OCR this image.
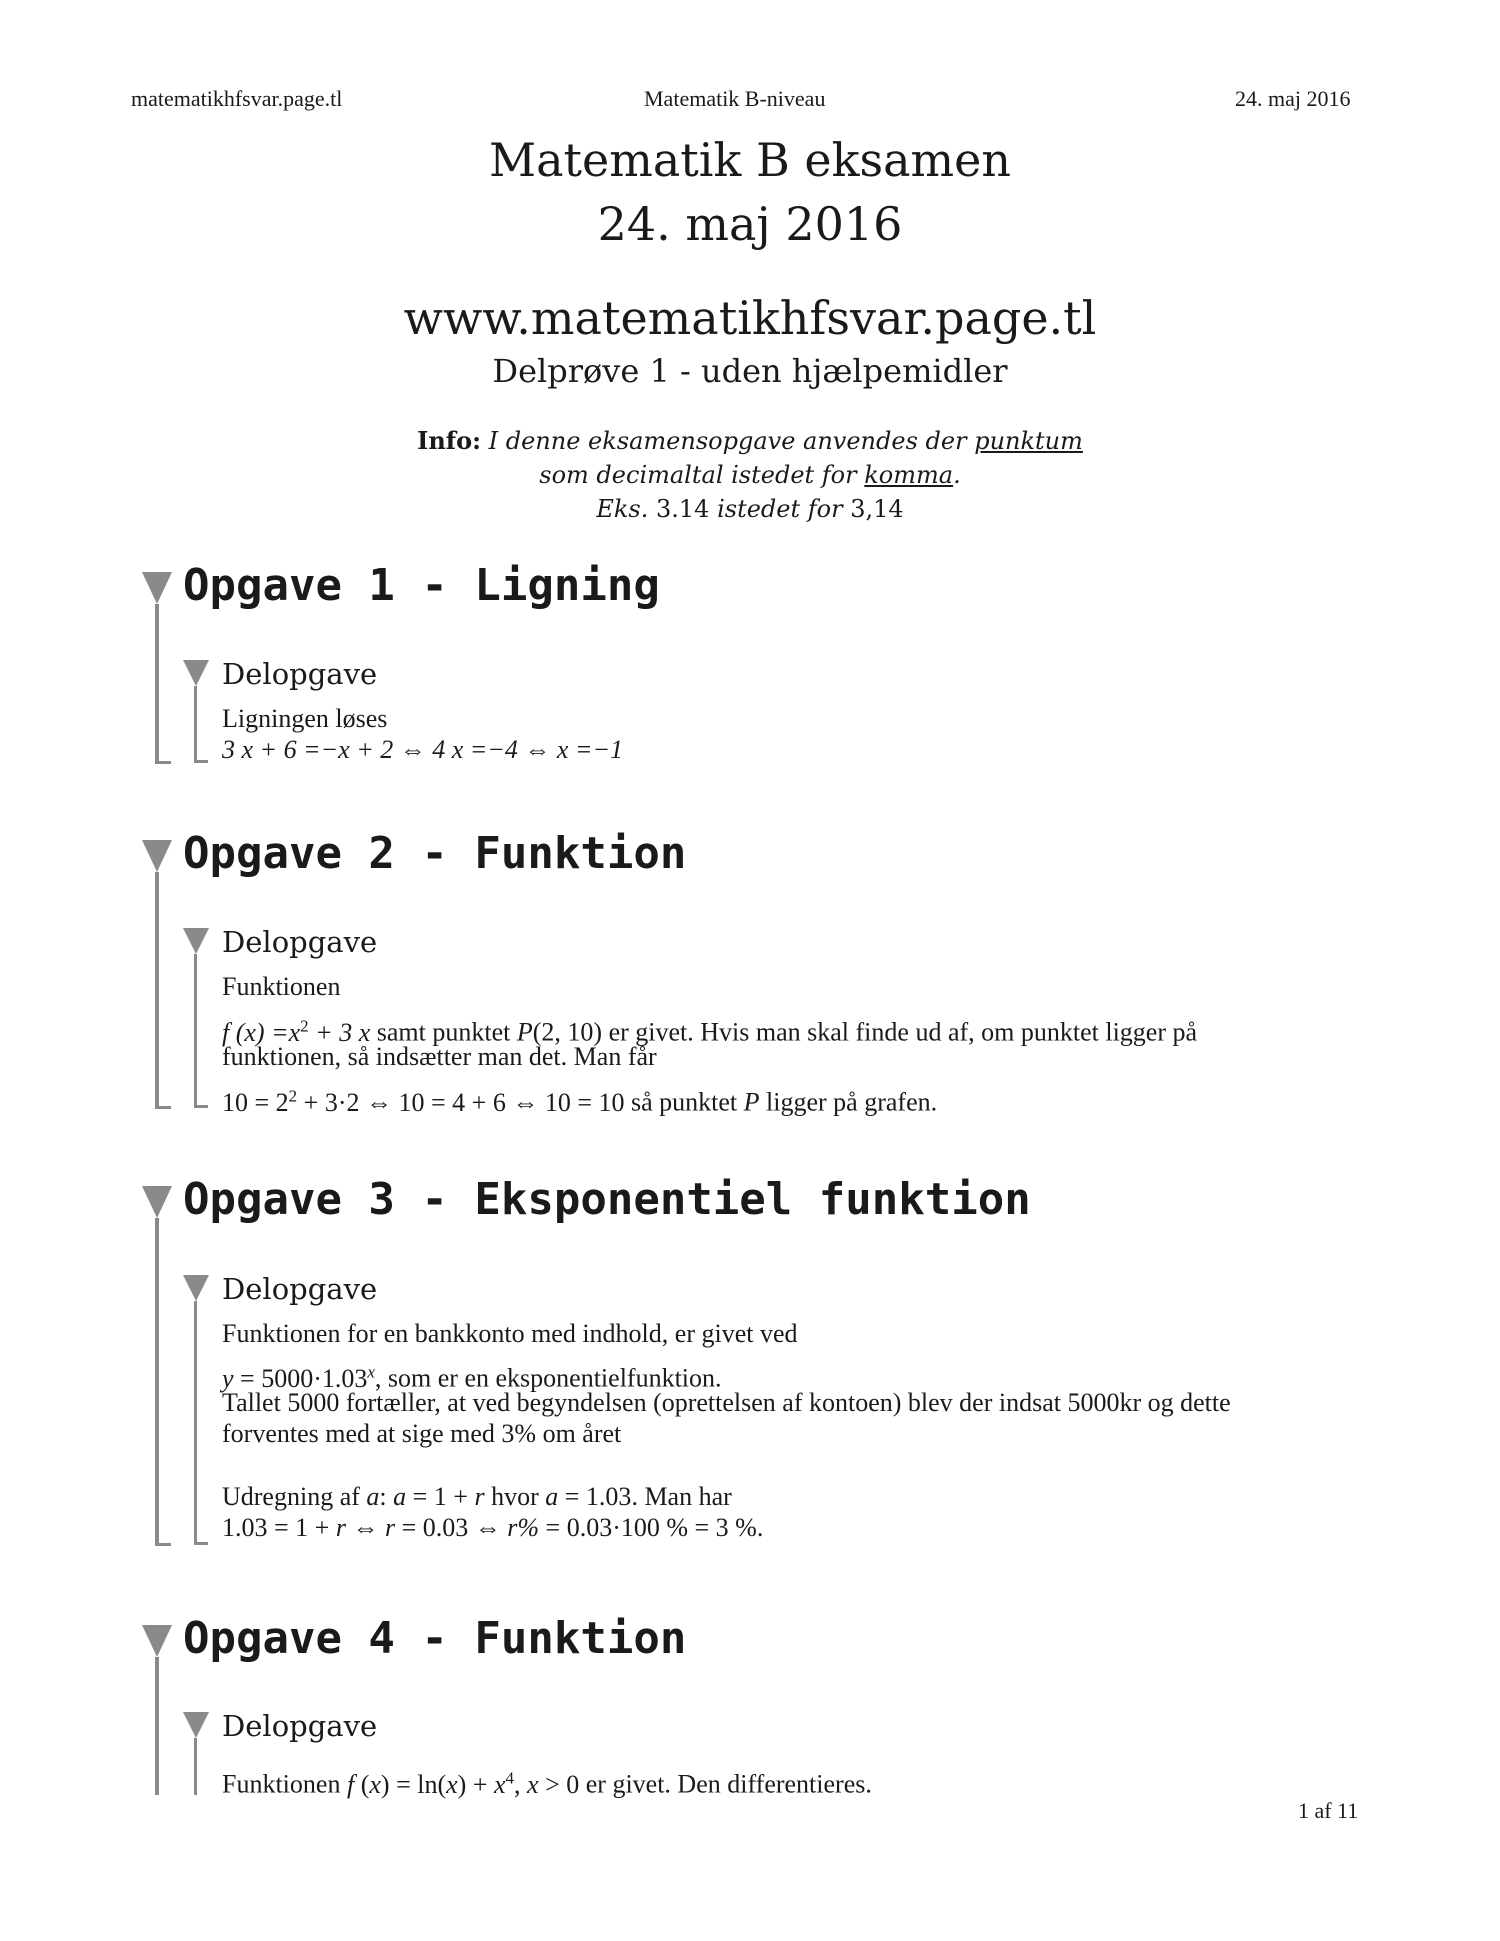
matematikhfsvar.page.tl	Matematik B-niveau	24. maj 2016
Matematik B eksamen
24. maj 2016
www.matematikhfsvar.page.tl
Delprøve 1 - uden hjælpemidler
Info: I denne eksamensopgave anvendes der punktum
som decimaltal istedet for komma.
Eks. 3.14 istedet for 3,14
Opgave 1 - Ligning
Delopgave
Ligningen løses
3 x + 6 =−x + 2 ⇔ 4 x =−4 ⇔ x =−1
Opgave 2 - Funktion
Delopgave
Funktionen
f $(x) =x^2 + 3$ x samt punktet P(2, 10) er givet. Hvis man skal finde ud af, om punktet ligger på
funktionen, så indsætter man det. Man får
$10 = 2^2 + 3\cdot 2$ ⇔ 10 = 4 + 6 ⇔ 10 = 10 så punktet P ligger på grafen.
Opgave 3 - Eksponentiel funktion
Delopgave
Funktionen for en bankkonto med indhold, er givet ved
$y = 5000\cdot 1.03^x$, som er en eksponentielfunktion.
Tallet 5000 fortæller, at ved begyndelsen (oprettelsen af kontoen) blev der indsat 5000kr og dette
forventes med at sige med 3% om året
Udregning af a: a = 1 + r hvor a = 1.03. Man har
1.03 = 1 + r ⇔ r = 0.03 ⇔ r% = 0.03·100 % = 3 %.
Opgave 4 - Funktion
Delopgave
Funktionen f $(x) = \ln(x) + x^4$, x > 0 er givet. Den differentieres.
1 af 11
